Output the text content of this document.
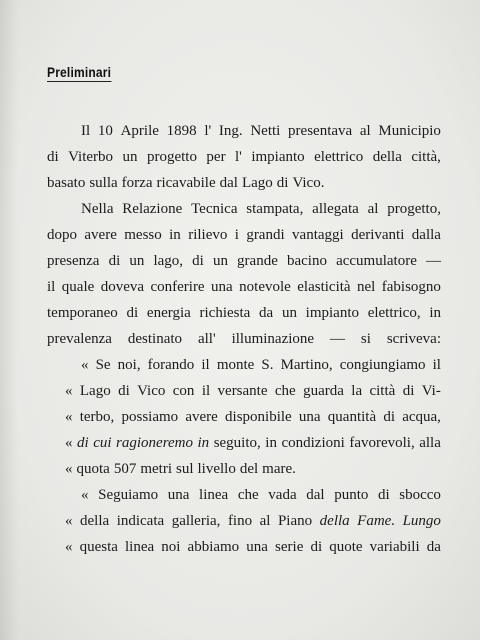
Preliminari
Il 10 Aprile 1898 l' Ing. Netti presentava al Municipio
di Viterbo un progetto per l' impianto elettrico della città,
basato sulla forza ricavabile dal Lago di Vico.
Nella Relazione Tecnica stampata, allegata al progetto,
dopo avere messo in rilievo i grandi vantaggi derivanti dalla
presenza di un lago, di un grande bacino accumulatore —
il quale doveva conferire una notevole elasticità nel fabisogno
temporaneo di energia richiesta da un impianto elettrico, in
prevalenza destinato all' illuminazione — si scriveva:
« Se noi, forando il monte S. Martino, congiungiamo il
« Lago di Vico con il versante che guarda la città di Vi-
« terbo, possiamo avere disponibile una quantità di acqua,
« di cui ragioneremo in seguito, in condizioni favorevoli, alla
« quota 507 metri sul livello del mare.
« Seguiamo una linea che vada dal punto di sbocco
« della indicata galleria, fino al Piano della Fame. Lungo
« questa linea noi abbiamo una serie di quote variabili da
